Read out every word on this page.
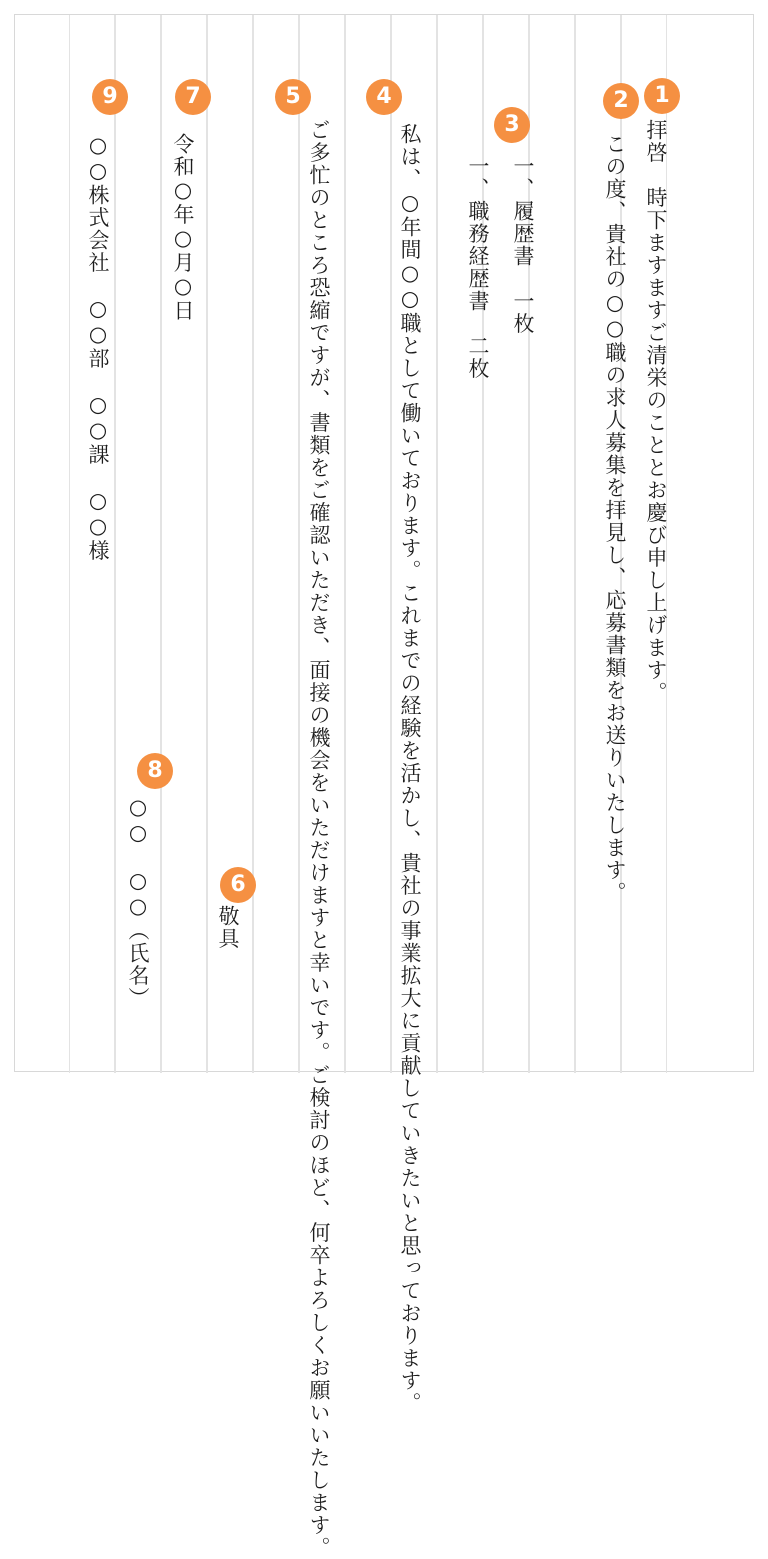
1
2
3
4
5
6
7
8
9
拝啓　時下ますますご清栄のこととお慶び申し上げます。
この度、貴社の○○職の求人募集を拝見し、応募書類をお送りいたします。
一、履歴書　一枚
一、職務経歴書　二枚
私は、○年間○○職として働いております。これまでの経験を活かし、貴社の事業拡大に貢献していきたいと思っております。
ご多忙のところ恐縮ですが、書類をご確認いただき、面接の機会をいただけますと幸いです。ご検討のほど、何卒よろしくお願いいたします。
敬具
令和○年○月○日
○○　○○（氏名）
○○株式会社　○○部　○○課　○○様
